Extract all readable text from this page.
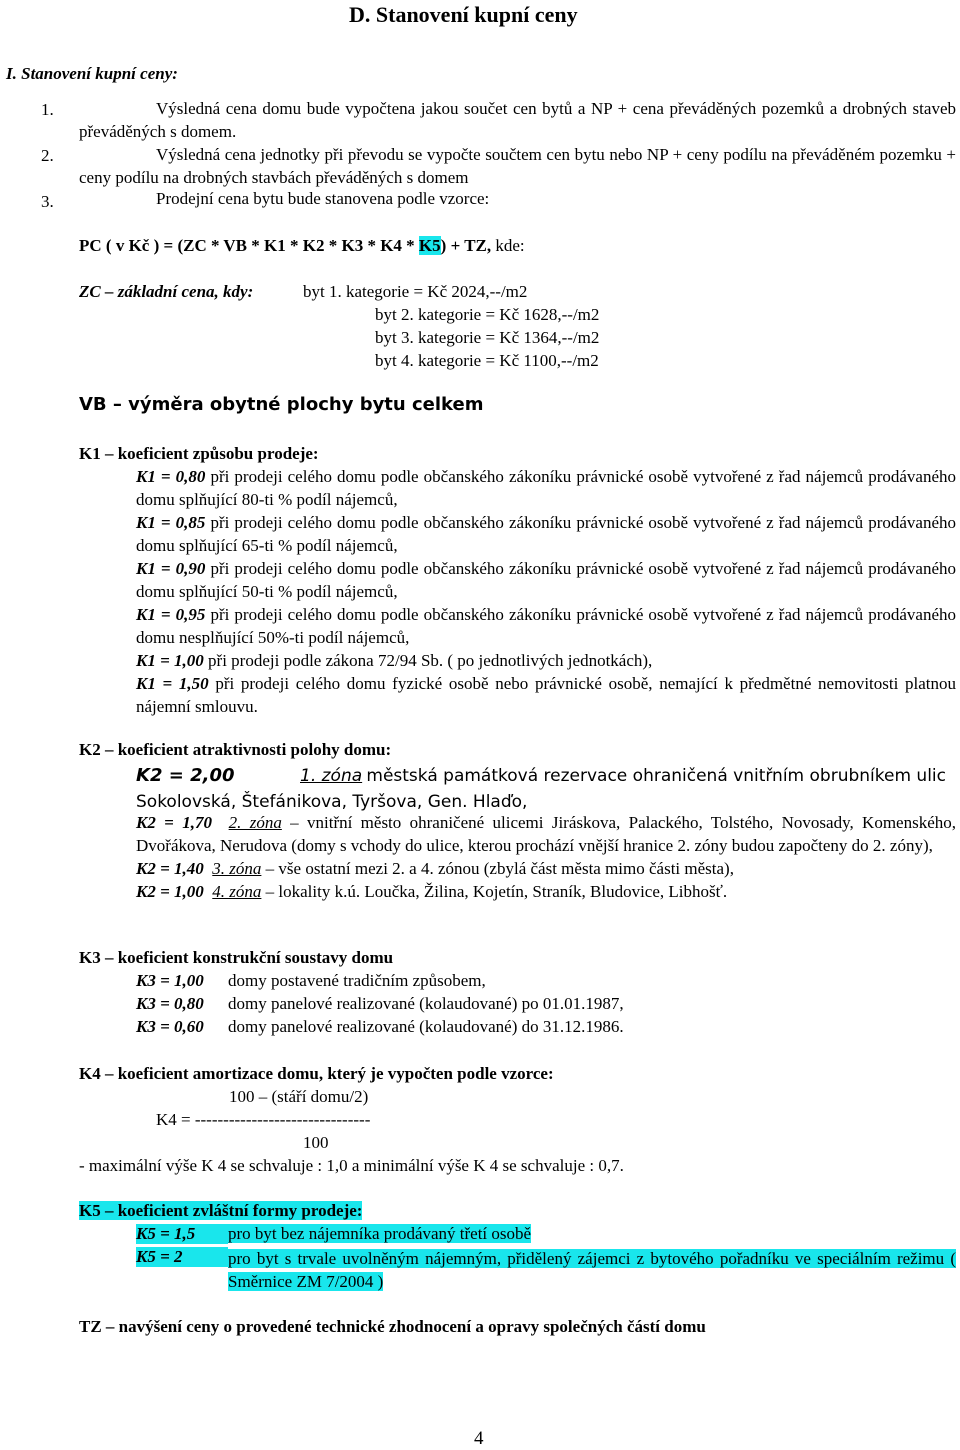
D. Stanovení kupní ceny
I. Stanovení kupní ceny:
1.	Výsledná cena domu bude vypočtena jakou součet cen bytů a NP + cena převáděných pozemků a drobných staveb převáděných s domem.
2.	Výsledná cena jednotky při převodu se vypočte součtem cen bytu nebo NP + ceny podílu na převáděném pozemku + ceny podílu na drobných stavbách převáděných s domem
3.	Prodejní cena bytu bude stanovena podle vzorce:
PC ( v Kč ) = (ZC * VB * K1 * K2 * K3 * K4 * K5) + TZ, kde:
ZC – základní cena, kdy:	byt 1. kategorie = Kč 2024,--/m2
byt 2. kategorie = Kč 1628,--/m2
byt 3. kategorie = Kč 1364,--/m2
byt 4. kategorie = Kč 1100,--/m2
VB – výměra obytné plochy bytu celkem
K1 – koeficient způsobu prodeje:
K1 = 0,80 při prodeji celého domu podle občanského zákoníku právnické osobě vytvořené z řad nájemců prodávaného domu splňující 80-ti % podíl nájemců,
K1 = 0,85 při prodeji celého domu podle občanského zákoníku právnické osobě vytvořené z řad nájemců prodávaného domu splňující 65-ti % podíl nájemců,
K1 = 0,90 při prodeji celého domu podle občanského zákoníku právnické osobě vytvořené z řad nájemců prodávaného domu splňující 50-ti % podíl nájemců,
K1 = 0,95 při prodeji celého domu podle občanského zákoníku právnické osobě vytvořené z řad nájemců prodávaného domu nesplňující 50%-ti podíl nájemců,
K1 = 1,00 při prodeji podle zákona 72/94 Sb. ( po jednotlivých jednotkách),
K1 = 1,50 při prodeji celého domu fyzické osobě nebo právnické osobě, nemající k předmětné nemovitosti platnou nájemní smlouvu.
K2 – koeficient atraktivnosti polohy domu:
K2 = 2,00	1. zóna městská památková rezervace ohraničená vnitřním obrubníkem ulic Sokolovská, Štefánikova, Tyršova, Gen. Hlaďo,
K2 = 1,70 2. zóna – vnitřní město ohraničené ulicemi Jiráskova, Palackého, Tolstého, Novosady, Komenského, Dvořákova, Nerudova (domy s vchody do ulice, kterou prochází vnější hranice 2. zóny budou započteny do 2. zóny),
K2 = 1,40 3. zóna – vše ostatní mezi 2. a 4. zónou (zbylá část města mimo části města),
K2 = 1,00 4. zóna – lokality k.ú. Loučka, Žilina, Kojetín, Straník, Bludovice, Libhošť.
K3 – koeficient konstrukční soustavy domu
K3 = 1,00 domy postavené tradičním způsobem,
K3 = 0,80 domy panelové realizované (kolaudované) po 01.01.1987,
K3 = 0,60 domy panelové realizované (kolaudované) do 31.12.1986.
K4 – koeficient amortizace domu, který je vypočten podle vzorce:
100 – (stáří domu/2)
K4 = -------------------------------
100
- maximální výše K 4 se schvaluje : 1,0 a minimální výše K 4 se schvaluje : 0,7.
K5 – koeficient zvláštní formy prodeje:
K5 = 1,5 pro byt bez nájemníka prodávaný třetí osobě
K5 = 2	pro byt s trvale uvolněným nájemným, přidělený zájemci z bytového pořadníku ve speciálním režimu ( Směrnice ZM 7/2004 )
TZ – navýšení ceny o provedené technické zhodnocení a opravy společných částí domu
4
